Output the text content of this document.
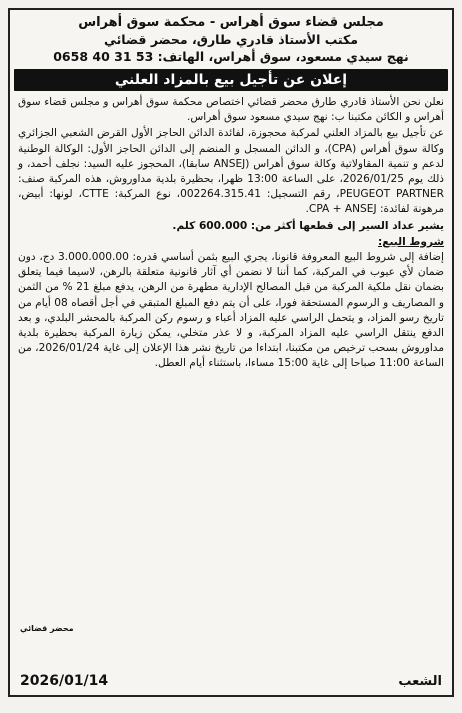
مجلس قضاء سوق أهراس - محكمة سوق أهراس
مكتب الأستاذ قادري طارق، محضر قضائي
نهج سيدي مسعود، سوق أهراس، الهاتف: 0658 40 31 53
إعلان عن تأجيل بيع بالمزاد العلني

نعلن نحن الأستاذ قادري طارق محضر قضائي اختصاص محكمة سوق أهراس و مجلس قضاء سوق أهراس و الكائن مكتبنا ب: نهج سيدي مسعود سوق أهراس.

عن تأجيل بيع بالمزاد العلني لمركبة محجوزة، لفائدة الدائن الحاجز الأول القرض الشعبي الجزائري وكالة سوق أهراس (CPA)، و الدائن المسجل و المنضم إلى الدائن الحاجز الأول: الوكالة الوطنية لدعم و تنمية المقاولاتية وكالة سوق أهراس (ANSEJ سابقا)، المحجوز عليه السيد: نجلف أحمد، و ذلك يوم 2026/01/25، على الساعة 13:00 ظهرا، بحظيرة بلدية مداوروش، هذه المركبة صنف: PEUGEOT PARTNER، رقم التسجيل: 002264.315.41، نوع المركبة: CTTE، لونها: أبيض، مرهونة لفائدة: CPA + ANSEJ.

يشير عداد السير إلى قطعها أكثر من: 600.000 كلم.

شروط البيع:

إضافة إلى شروط البيع المعروفة قانونا، يجري البيع بثمن أساسي قدره: 3.000.000.00 دج، دون ضمان لأي عيوب في المركبة، كما أننا لا نضمن أي آثار قانونية متعلقة بالرهن، لاسيما فيما يتعلق بضمان نقل ملكية المركبة من قبل المصالح الإدارية مطهرة من الرهن، يدفع مبلغ 21 % من الثمن و المصاريف و الرسوم المستحقة فورا، على أن يتم دفع المبلغ المتبقي في أجل أقصاه 08 أيام من تاريخ رسو المزاد، و يتحمل الراسي عليه المزاد أعباء و رسوم ركن المركبة بالمحشر البلدي، و بعد الدفع ينتقل الراسي عليه المزاد المركبة، و لا عذر متخلي، يمكن زيارة المركبة بحظيرة بلدية مداوروش بسحب ترخيص من مكتبنا، ابتداءا من تاريخ نشر هذا الإعلان إلى غاية 2026/01/24، من الساعة 11:00 صباحا إلى غاية 15:00 مساءا، باستثناء أيام العطل.

محضر قضائي
الشعب
2026/01/14
